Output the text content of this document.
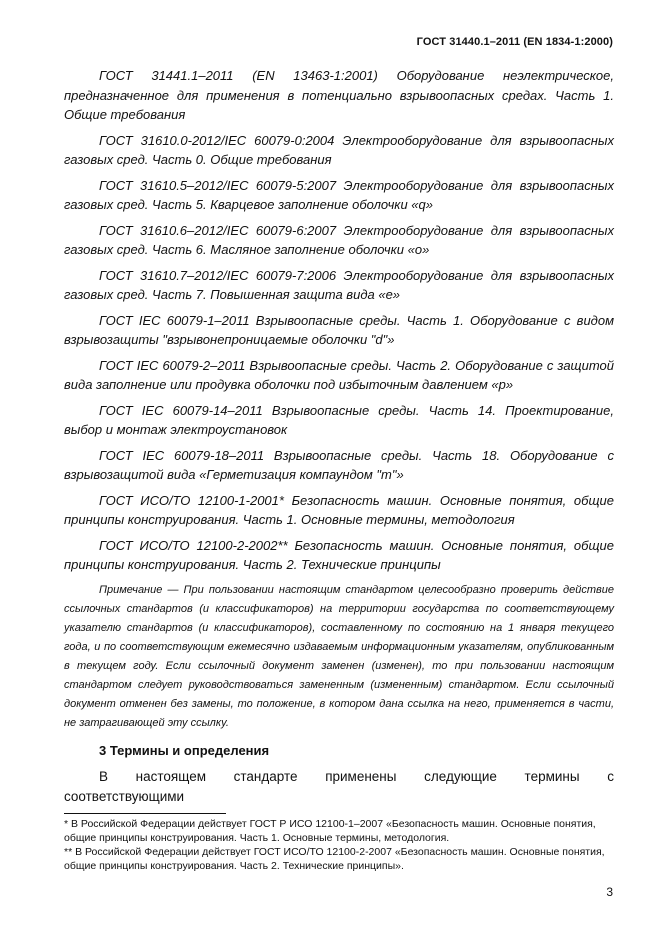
ГОСТ 31440.1–2011 (EN 1834-1:2000)

ГОСТ 31441.1–2011 (EN 13463-1:2001) Оборудование неэлектрическое, предназначенное для применения в потенциально взрывоопасных средах. Часть 1. Общие требования

ГОСТ 31610.0-2012/IEC 60079-0:2004 Электрооборудование для взрывоопасных газовых сред. Часть 0. Общие требования

ГОСТ 31610.5–2012/IEC 60079-5:2007 Электрооборудование для взрывоопасных газовых сред. Часть 5. Кварцевое заполнение оболочки «q»

ГОСТ 31610.6–2012/IEC 60079-6:2007 Электрооборудование для взрывоопасных газовых сред. Часть 6. Масляное заполнение оболочки «о»

ГОСТ 31610.7–2012/IEC 60079-7:2006 Электрооборудование для взрывоопасных газовых сред. Часть 7. Повышенная защита вида «е»

ГОСТ IEC 60079-1–2011 Взрывоопасные среды. Часть 1. Оборудование с видом взрывозащиты "взрывонепроницаемые оболочки "d"»

ГОСТ IEC 60079-2–2011 Взрывоопасные среды. Часть 2. Оборудование с защитой вида заполнение или продувка оболочки под избыточным давлением «р»

ГОСТ IEC 60079-14–2011 Взрывоопасные среды. Часть 14. Проектирование, выбор и монтаж электроустановок

ГОСТ IEC 60079-18–2011 Взрывоопасные среды. Часть 18. Оборудование с взрывозащитой вида «Герметизация компаундом "m"»

ГОСТ ИСО/ТО 12100-1-2001* Безопасность машин. Основные понятия, общие принципы конструирования. Часть 1. Основные термины, методология

ГОСТ ИСО/ТО 12100-2-2002** Безопасность машин. Основные понятия, общие принципы конструирования. Часть 2. Технические принципы

Примечание — При пользовании настоящим стандартом целесообразно проверить действие ссылочных стандартов (и классификаторов) на территории государства по соответствующему указателю стандартов (и классификаторов), составленному по состоянию на 1 января текущего года, и по соответствующим ежемесячно издаваемым информационным указателям, опубликованным в текущем году. Если ссылочный документ заменен (изменен), то при пользовании настоящим стандартом следует руководствоваться замененным (измененным) стандартом. Если ссылочный документ отменен без замены, то положение, в котором дана ссылка на него, применяется в части, не затрагивающей эту ссылку.

3 Термины и определения

В настоящем стандарте применены следующие термины с соответствующими

* В Российской Федерации действует ГОСТ Р ИСО 12100-1–2007 «Безопасность машин. Основные понятия, общие принципы конструирования. Часть 1. Основные термины, методология.

** В Российской Федерации действует ГОСТ ИСО/ТО 12100-2-2007 «Безопасность машин. Основные понятия, общие принципы конструирования. Часть 2. Технические принципы».

3
